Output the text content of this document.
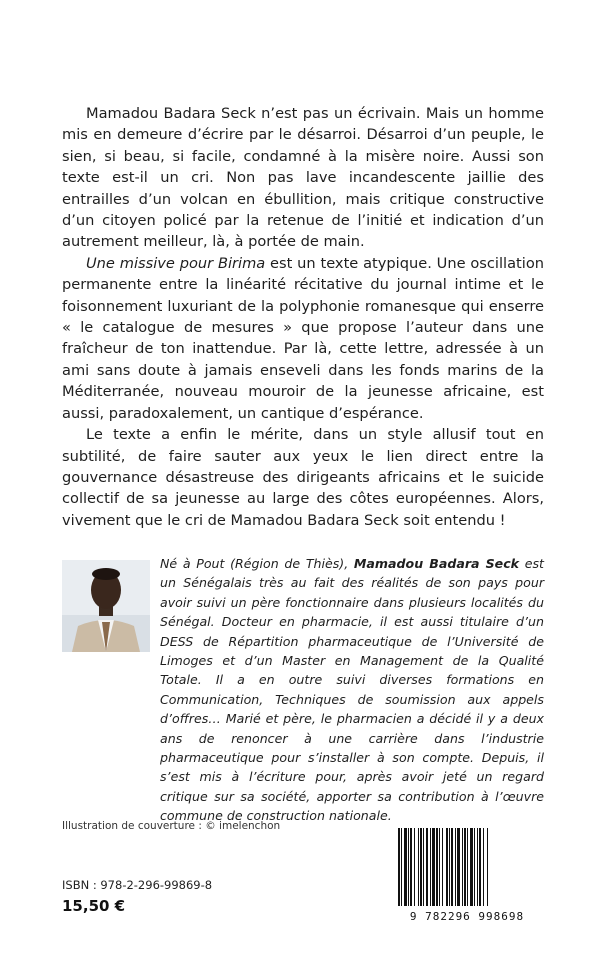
Mamadou Badara Seck n’est pas un écrivain. Mais un homme mis en demeure d’écrire par le désarroi. Désarroi d’un peuple, le sien, si beau, si facile, condamné à la misère noire. Aussi son texte est-il un cri. Non pas lave incandescente jaillie des entrailles d’un volcan en ébullition, mais critique constructive d’un citoyen policé par la retenue de l’initié et indication d’un autrement meilleur, là, à portée de main.

Une missive pour Birima est un texte atypique. Une oscillation permanente entre la linéarité récitative du journal intime et le foisonnement luxuriant de la polyphonie romanesque qui enserre « le catalogue de mesures » que propose l’auteur dans une fraîcheur de ton inattendue. Par là, cette lettre, adressée à un ami sans doute à jamais enseveli dans les fonds marins de la Méditerranée, nouveau mouroir de la jeunesse africaine, est aussi, paradoxalement, un cantique d’espérance.

Le texte a enfin le mérite, dans un style allusif tout en subtilité, de faire sauter aux yeux le lien direct entre la gouvernance désastreuse des dirigeants africains et le suicide collectif de sa jeunesse au large des côtes européennes. Alors, vivement que le cri de Mamadou Badara Seck soit entendu !

Né à Pout (Région de Thiès), Mamadou Badara Seck est un Sénégalais très au fait des réalités de son pays pour avoir suivi un père fonctionnaire dans plusieurs localités du Sénégal. Docteur en pharmacie, il est aussi titulaire d’un DESS de Répartition pharmaceutique de l’Université de Limoges et d’un Master en Management de la Qualité Totale. Il a en outre suivi diverses formations en Communication, Techniques de soumission aux appels d’offres… Marié et père, le pharmacien a décidé il y a deux ans de renoncer à une carrière dans l’industrie pharmaceutique pour s’installer à son compte. Depuis, il s’est mis à l’écriture pour, après avoir jeté un regard critique sur sa société, apporter sa contribution à l’œuvre commune de construction nationale.

Illustration de couverture : © imelenchon
ISBN : 978-2-296-99869-8
15,50 €
9 782296 998698
